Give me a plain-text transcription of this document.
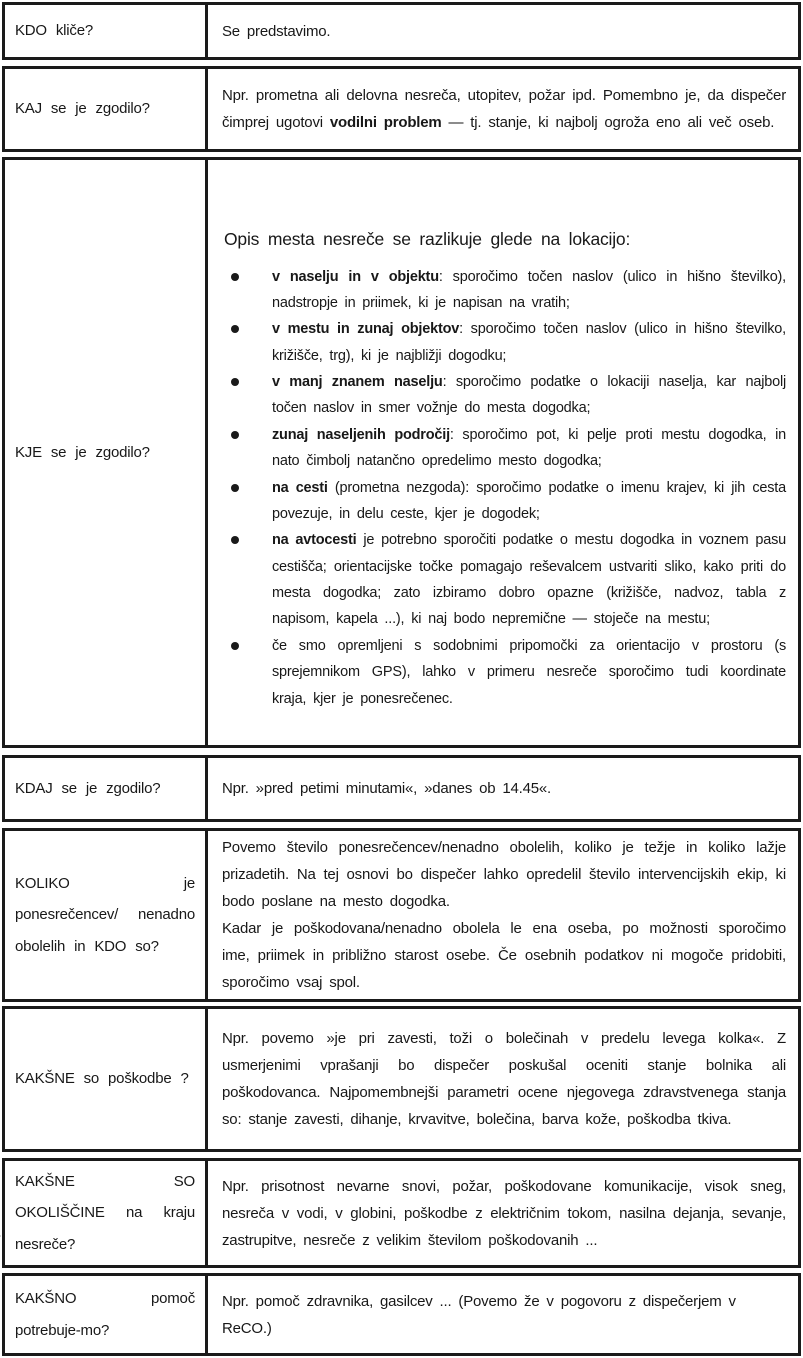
KDO kliče?	Se predstavimo.

KAJ se je zgodilo?

Npr. prometna ali delovna nesreča, utopitev, požar ipd. Pomembno je, da dispečer čimprej ugotovi vodilni problem — tj. stanje, ki najbolj ogroža eno ali več oseb.

KJE se je zgodilo?
Opis mesta nesreče se razlikuje glede na lokacijo:
v naselju in v objektu: sporočimo točen naslov (ulico in hišno številko), nadstropje in priimek, ki je napisan na vratih;
v mestu in zunaj objektov: sporočimo točen naslov (ulico in hišno številko, križišče, trg), ki je najbližji dogodku;
v manj znanem naselju: sporočimo podatke o lokaciji naselja, kar najbolj točen naslov in smer vožnje do mesta dogodka;
zunaj naseljenih področij: sporočimo pot, ki pelje proti mestu dogodka, in nato čimbolj natančno opredelimo mesto dogodka;
na cesti (prometna nezgoda): sporočimo podatke o imenu krajev, ki jih cesta povezuje, in delu ceste, kjer je dogodek;
na avtocesti je potrebno sporočiti podatke o mestu dogodka in voznem pasu cestišča; orientacijske točke pomagajo reševalcem ustvariti sliko, kako priti do mesta dogodka; zato izbiramo dobro opazne (križišče, nadvoz, tabla z napisom, kapela ...), ki naj bodo nepremične — stoječe na mestu;
če smo opremljeni s sodobnimi pripomočki za orientacijo v prostoru (s sprejemnikom GPS), lahko v primeru nesreče sporočimo tudi koordinate kraja, kjer je ponesrečenec.
KDAJ se je zgodilo?	Npr. »pred petimi minutami«, »danes ob 14.45«.

KOLIKO je ponesrečencev/ nenadno obolelih in KDO so?

Povemo število ponesrečencev/nenadno obolelih, koliko je težje in koliko lažje prizadetih. Na tej osnovi bo dispečer lahko opredelil število intervencijskih ekip, ki bodo poslane na mesto dogodka.

Kadar je poškodovana/nenadno obolela le ena oseba, po možnosti sporočimo ime, priimek in približno starost osebe. Če osebnih podatkov ni mogoče pridobiti, sporočimo vsaj spol.

KAKŠNE so poškodbe ?

Npr. povemo »je pri zavesti, toži o bolečinah v predelu levega kolka«. Z usmerjenimi vprašanji bo dispečer poskušal oceniti stanje bolnika ali poškodovanca. Najpomembnejši parametri ocene njegovega zdravstvenega stanja so: stanje zavesti, dihanje, krvavitve, bolečina, barva kože, poškodba tkiva.

KAKŠNE SO OKOLIŠČINE na kraju nesreče?

Npr. prisotnost nevarne snovi, požar, poškodovane komunikacije, visok sneg, nesreča v vodi, v globini, poškodbe z električnim tokom, nasilna dejanja, sevanje, zastrupitve, nesreče z velikim številom poškodovanih ...

KAKŠNO pomoč potrebuje-mo?

Npr. pomoč zdravnika, gasilcev ... (Povemo že v pogovoru z dispečerjem v ReCO.)
